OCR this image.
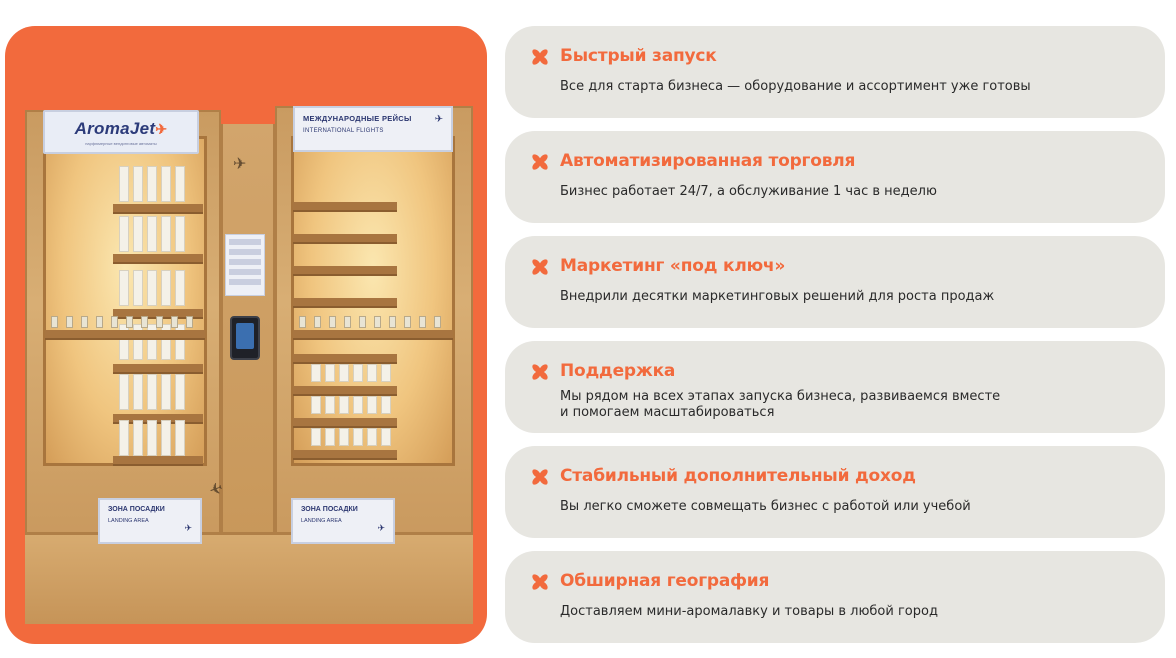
AromaJet✈
парфюмерные вендинговые автоматы
МЕЖДУНАРОДНЫЕ РЕЙСЫ
INTERNATIONAL FLIGHTS
✈
✈
✈
ЗОНА ПОСАДКИ
LANDING AREA
✈
ЗОНА ПОСАДКИ
LANDING AREA
✈
Быстрый запуск
Все для старта бизнеса — оборудование и ассортимент уже готовы
Автоматизированная торговля
Бизнес работает 24/7, а обслуживание 1 час в неделю
Маркетинг «под ключ»
Внедрили десятки маркетинговых решений для роста продаж
Поддержка
Мы рядом на всех этапах запуска бизнеса, развиваемся вместе
и помогаем масштабироваться
Стабильный дополнительный доход
Вы легко сможете совмещать бизнес с работой или учебой
Обширная география
Доставляем мини-аромалавку и товары в любой город
